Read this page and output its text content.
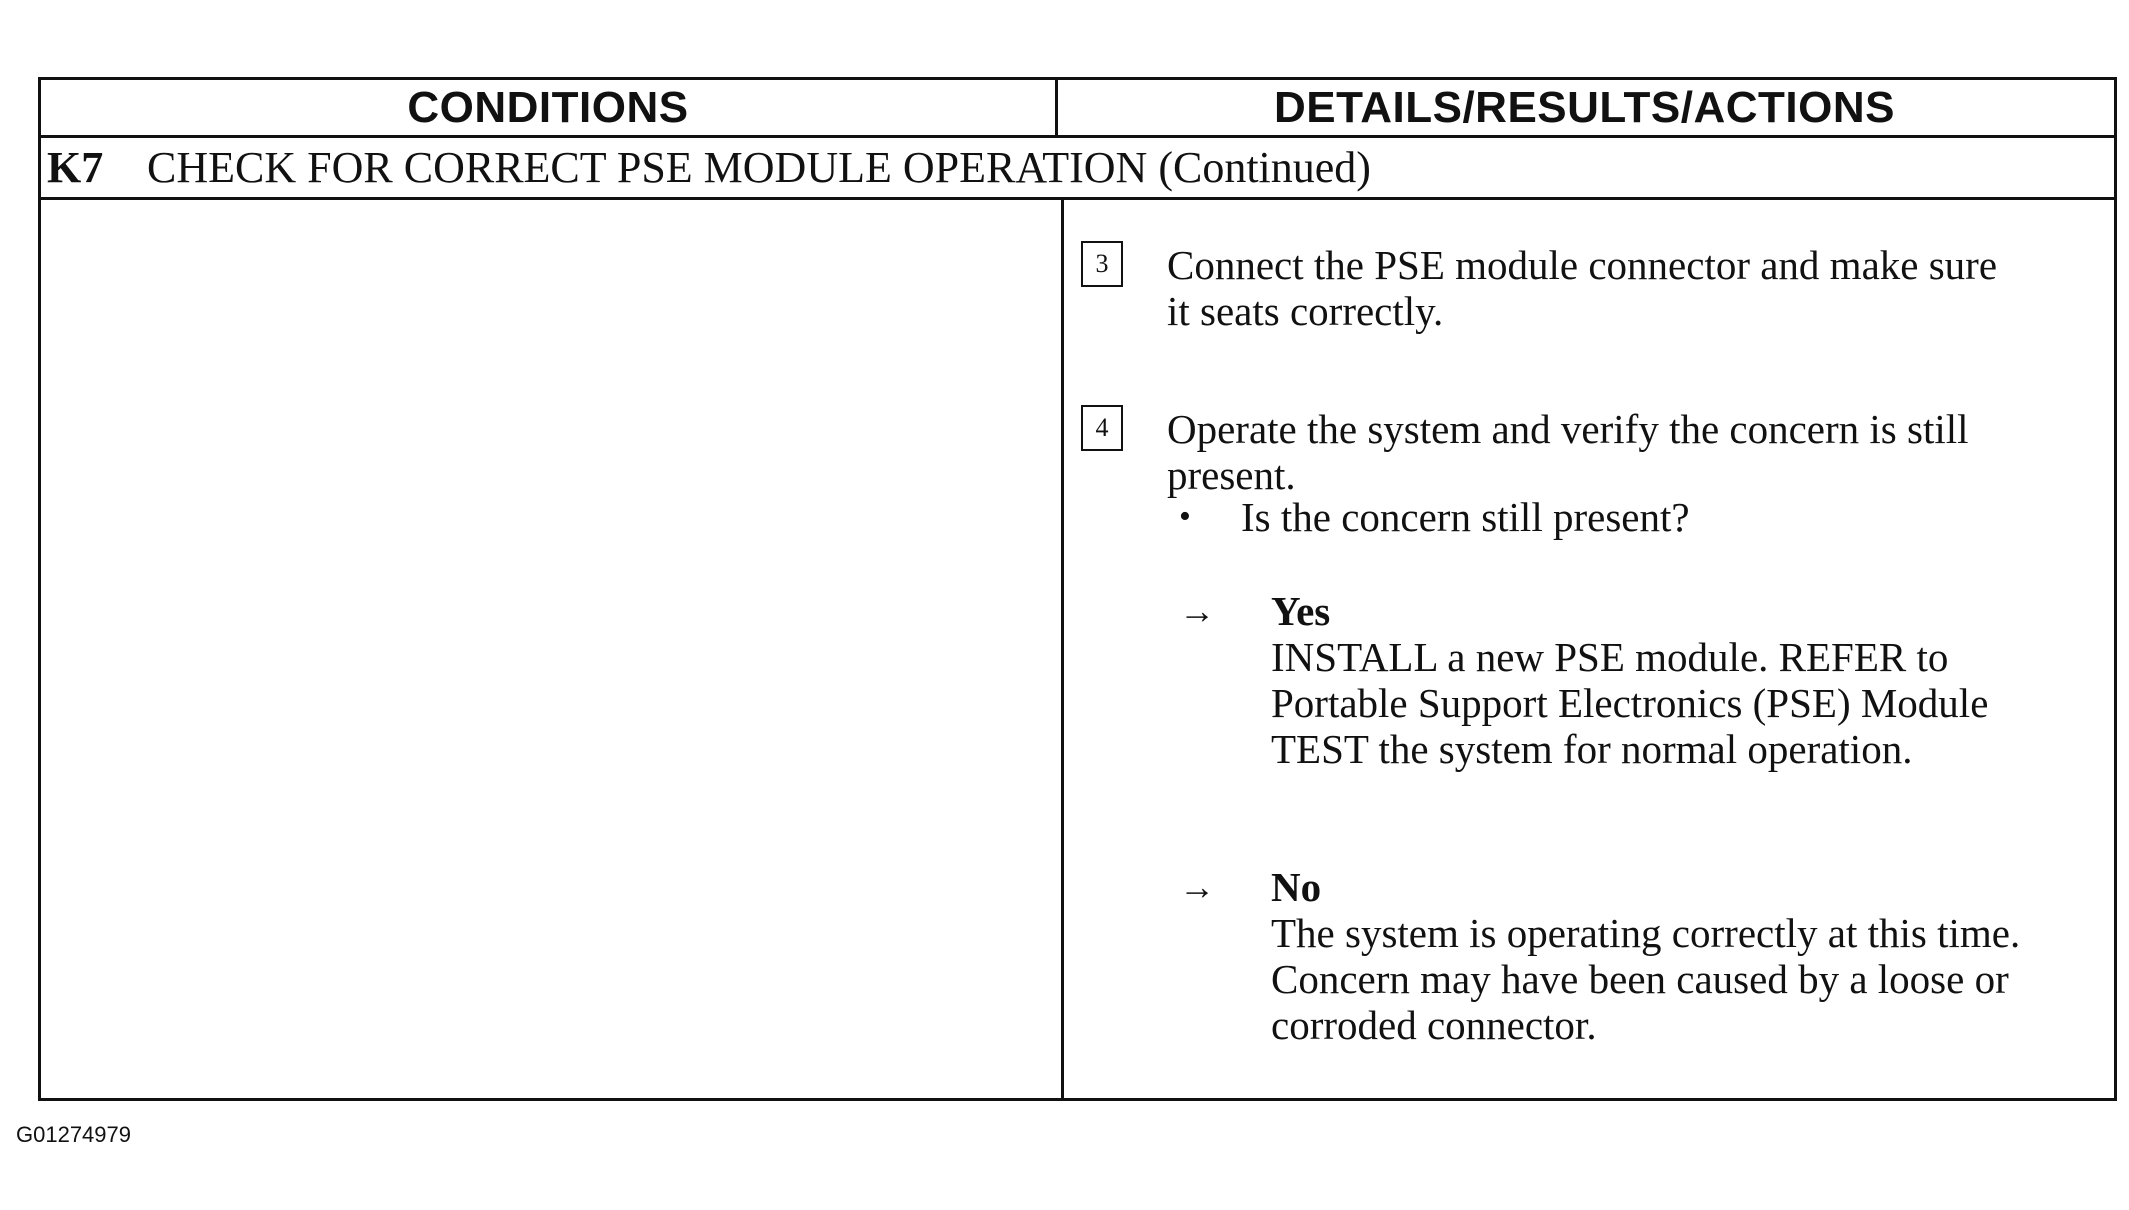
CONDITIONS	DETAILS/RESULTS/ACTIONS
K7 CHECK FOR CORRECT PSE MODULE OPERATION (Continued)
3	Connect the PSE module connector and make sure
it seats correctly.
4	Operate the system and verify the concern is still
present.
• Is the concern still present?
→ Yes
INSTALL a new PSE module. REFER to
Portable Support Electronics (PSE) Module
TEST the system for normal operation.
→ No
The system is operating correctly at this time.
Concern may have been caused by a loose or
corroded connector.
G01274979
